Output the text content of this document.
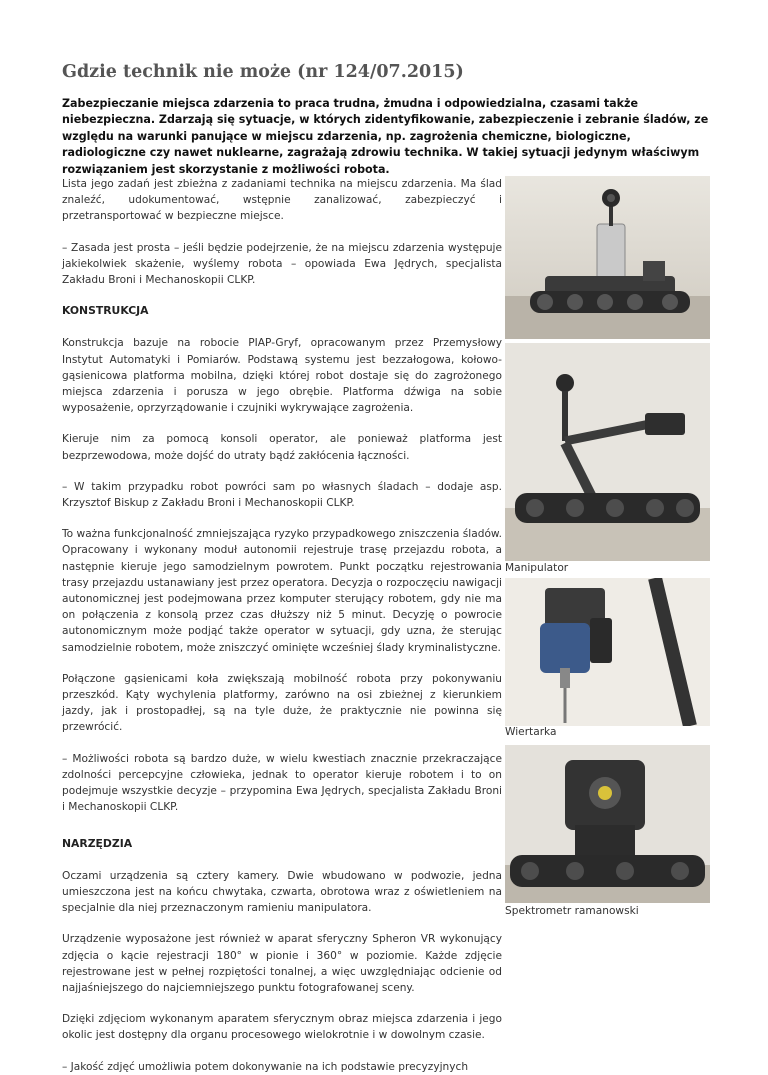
Gdzie technik nie może (nr 124/07.2015)

Zabezpieczanie miejsca zdarzenia to praca trudna, żmudna i odpowiedzialna, czasami także niebezpieczna. Zdarzają się sytuacje, w których zidentyfikowanie, zabezpieczenie i zebranie śladów, ze względu na warunki panujące w miejscu zdarzenia, np. zagrożenia chemiczne, biologiczne, radiologiczne czy nawet nuklearne, zagrażają zdrowiu technika. W takiej sytuacji jedynym właściwym rozwiązaniem jest skorzystanie z możliwości robota.

Lista jego zadań jest zbieżna z zadaniami technika na miejscu zdarzenia. Ma ślad znaleźć, udokumentować, wstępnie zanalizować, zabezpieczyć i przetransportować w bezpieczne miejsce.

– Zasada jest prosta – jeśli będzie podejrzenie, że na miejscu zdarzenia występuje jakiekolwiek skażenie, wyślemy robota – opowiada Ewa Jędrych, specjalista Zakładu Broni i Mechanoskopii CLKP.

KONSTRUKCJA

Konstrukcja bazuje na robocie PIAP-Gryf, opracowanym przez Przemysłowy Instytut Automatyki i Pomiarów. Podstawą systemu jest bezzałogowa, kołowo-gąsienicowa platforma mobilna, dzięki której robot dostaje się do zagrożonego miejsca zdarzenia i porusza w jego obrębie. Platforma dźwiga na sobie wyposażenie, oprzyrządowanie i czujniki wykrywające zagrożenia.

Kieruje nim za pomocą konsoli operator, ale ponieważ platforma jest bezprzewodowa, może dojść do utraty bądź zakłócenia łączności.

– W takim przypadku robot powróci sam po własnych śladach – dodaje asp. Krzysztof Biskup z Zakładu Broni i Mechanoskopii CLKP.

To ważna funkcjonalność zmniejszająca ryzyko przypadkowego zniszczenia śladów. Opracowany i wykonany moduł autonomii rejestruje trasę przejazdu robota, a następnie kieruje jego samodzielnym powrotem. Punkt początku rejestrowania trasy przejazdu ustanawiany jest przez operatora. Decyzja o rozpoczęciu nawigacji autonomicznej jest podejmowana przez komputer sterujący robotem, gdy nie ma on połączenia z konsolą przez czas dłuższy niż 5 minut. Decyzję o powrocie autonomicznym może podjąć także operator w sytuacji, gdy uzna, że sterując samodzielnie robotem, może zniszczyć ominięte wcześniej ślady kryminalistyczne.

Połączone gąsienicami koła zwiększają mobilność robota przy pokonywaniu przeszkód. Kąty wychylenia platformy, zarówno na osi zbieżnej z kierunkiem jazdy, jak i prostopadłej, są na tyle duże, że praktycznie nie powinna się przewrócić.

– Możliwości robota są bardzo duże, w wielu kwestiach znacznie przekraczające zdolności percepcyjne człowieka, jednak to operator kieruje robotem i to on podejmuje wszystkie decyzje – przypomina Ewa Jędrych, specjalista Zakładu Broni i Mechanoskopii CLKP.

NARZĘDZIA

Oczami urządzenia są cztery kamery. Dwie wbudowano w podwozie, jedna umieszczona jest na końcu chwytaka, czwarta, obrotowa wraz z oświetleniem na specjalnie dla niej przeznaczonym ramieniu manipulatora.

Urządzenie wyposażone jest również w aparat sferyczny Spheron VR wykonujący zdjęcia o kącie rejestracji 180° w pionie i 360° w poziomie. Każde zdjęcie rejestrowane jest w pełnej rozpiętości tonalnej, a więc uwzględniając odcienie od najjaśniejszego do najciemniejszego punktu fotografowanej sceny.

Dzięki zdjęciom wykonanym aparatem sferycznym obraz miejsca zdarzenia i jego okolic jest dostępny dla organu procesowego wielokrotnie i w dowolnym czasie.

– Jakość zdjęć umożliwia potem dokonywanie na ich podstawie precyzyjnych

Manipulator
Wiertarka
Spektrometr ramanowski
